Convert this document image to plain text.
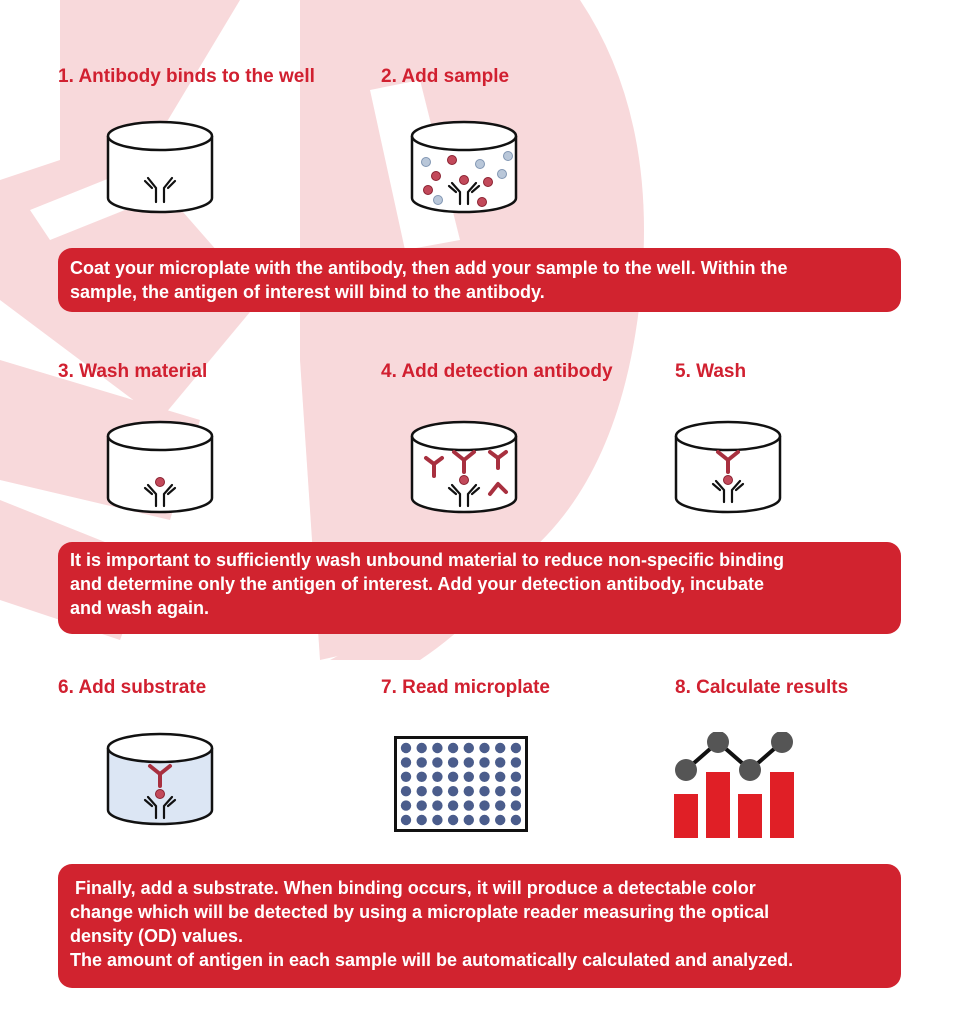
1. Antibody binds to the well	2. Add sample
3. Wash material	4. Add detection antibody	5. Wash
6. Add substrate	7. Read microplate	8. Calculate results
Coat your microplate with the antibody, then add your sample to the well. Within the
sample, the antigen of interest will bind to the antibody.
It is important to sufficiently wash unbound material to reduce non-specific binding
and determine only the antigen of interest. Add your detection antibody, incubate
and wash again.
Finally, add a substrate. When binding occurs, it will produce a detectable color
change which will be detected by using a microplate reader measuring the optical
density (OD) values.
The amount of antigen in each sample will be automatically calculated and analyzed.
